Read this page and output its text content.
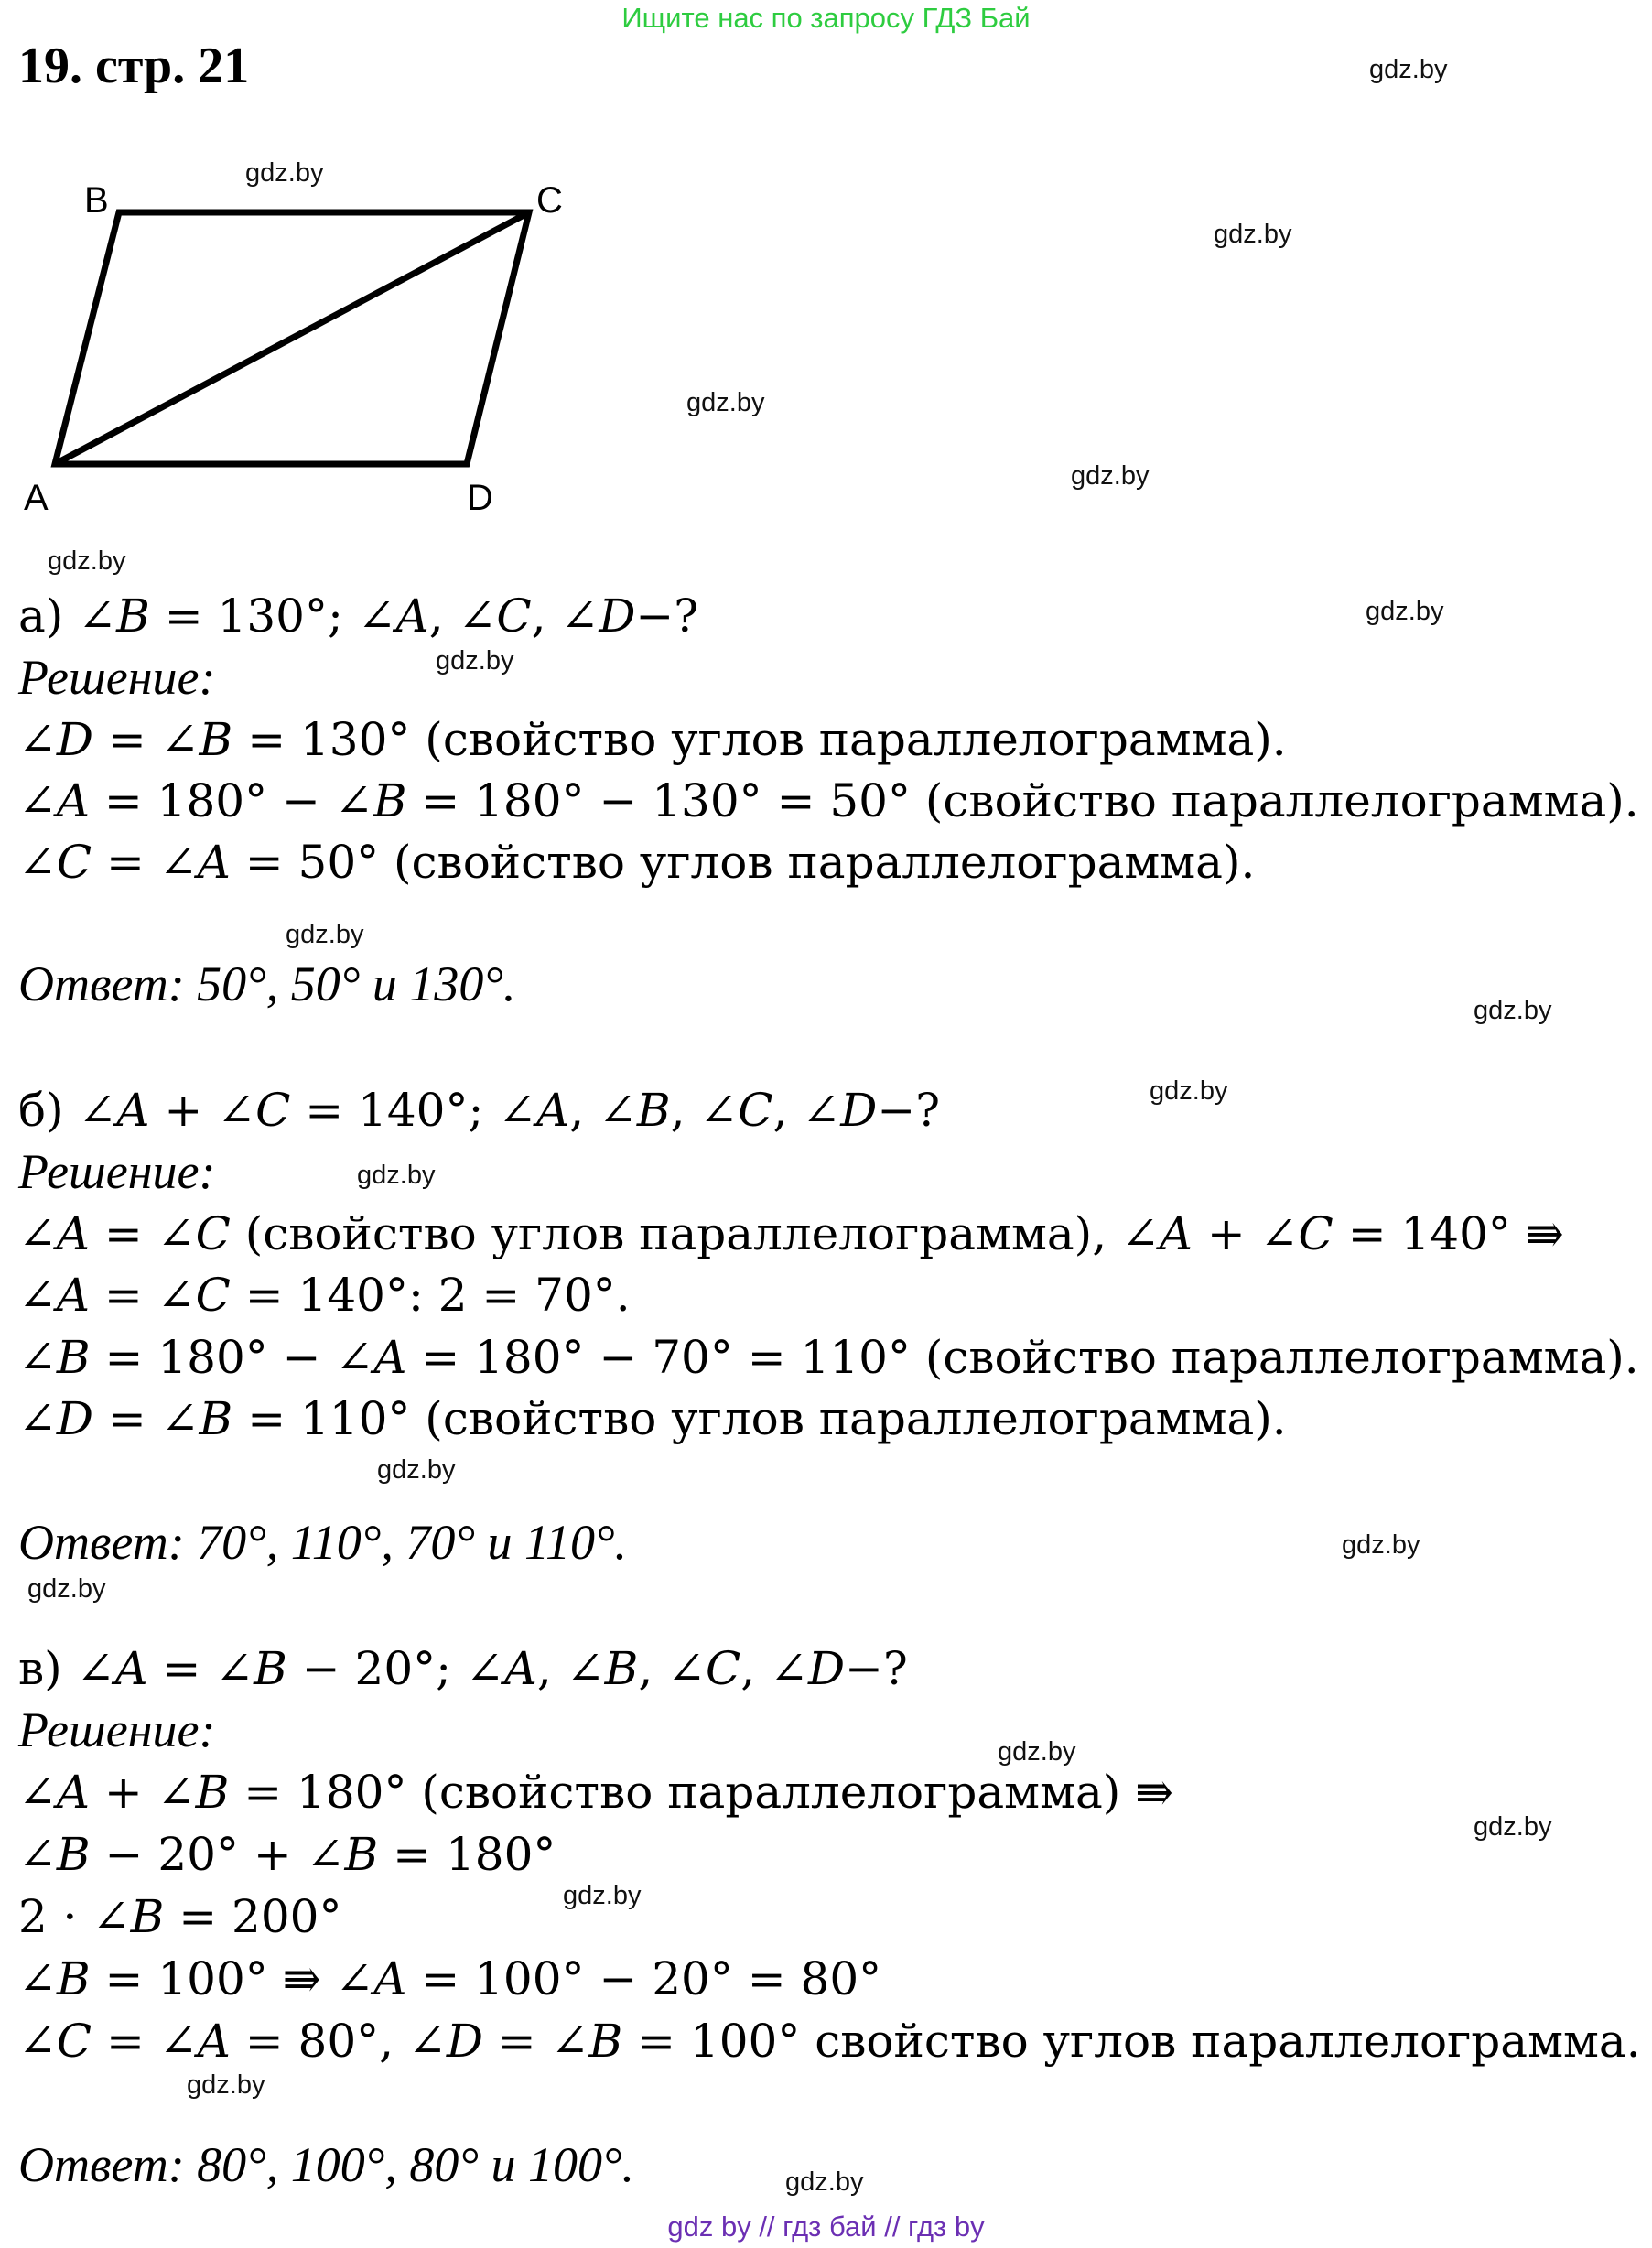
Ищите нас по запросу ГДЗ Бай
19. стр. 21
B	C
A	D
gdz.by
gdz.by
gdz.by
gdz.by
gdz.by
gdz.by
gdz.by
gdz.by
gdz.by
gdz.by
gdz.by
gdz.by
gdz.by
gdz.by
gdz.by
gdz.by
gdz.by
gdz.by
gdz.by
gdz.by
а) ∠𝐵 = 130°; ∠𝐴, ∠𝐶, ∠𝐷−?
Решение:
∠𝐷 = ∠𝐵 = 130° (свойство углов параллелограмма).
∠𝐴 = 180° − ∠𝐵 = 180° − 130° = 50° (свойство параллелограмма).
∠𝐶 = ∠𝐴 = 50° (свойство углов параллелограмма).
Ответ: 50°, 50° и 130°.
б) ∠𝐴 + ∠𝐶 = 140°; ∠𝐴, ∠𝐵, ∠𝐶, ∠𝐷−?
Решение:
∠𝐴 = ∠𝐶 (свойство углов параллелограмма), ∠𝐴 + ∠𝐶 = 140° ⇛
∠𝐴 = ∠𝐶 = 140°: 2 = 70°.
∠𝐵 = 180° − ∠𝐴 = 180° − 70° = 110° (свойство параллелограмма).
∠𝐷 = ∠𝐵 = 110° (свойство углов параллелограмма).
Ответ: 70°, 110°, 70° и 110°.
в) ∠𝐴 = ∠𝐵 − 20°; ∠𝐴, ∠𝐵, ∠𝐶, ∠𝐷−?
Решение:
∠𝐴 + ∠𝐵 = 180° (свойство параллелограмма) ⇛
∠𝐵 − 20° + ∠𝐵 = 180°
2 ⋅ ∠𝐵 = 200°
∠𝐵 = 100° ⇛ ∠𝐴 = 100° − 20° = 80°
∠𝐶 = ∠𝐴 = 80°, ∠𝐷 = ∠𝐵 = 100° свойство углов параллелограмма.
Ответ: 80°, 100°, 80° и 100°.
gdz by // гдз бай // гдз by
